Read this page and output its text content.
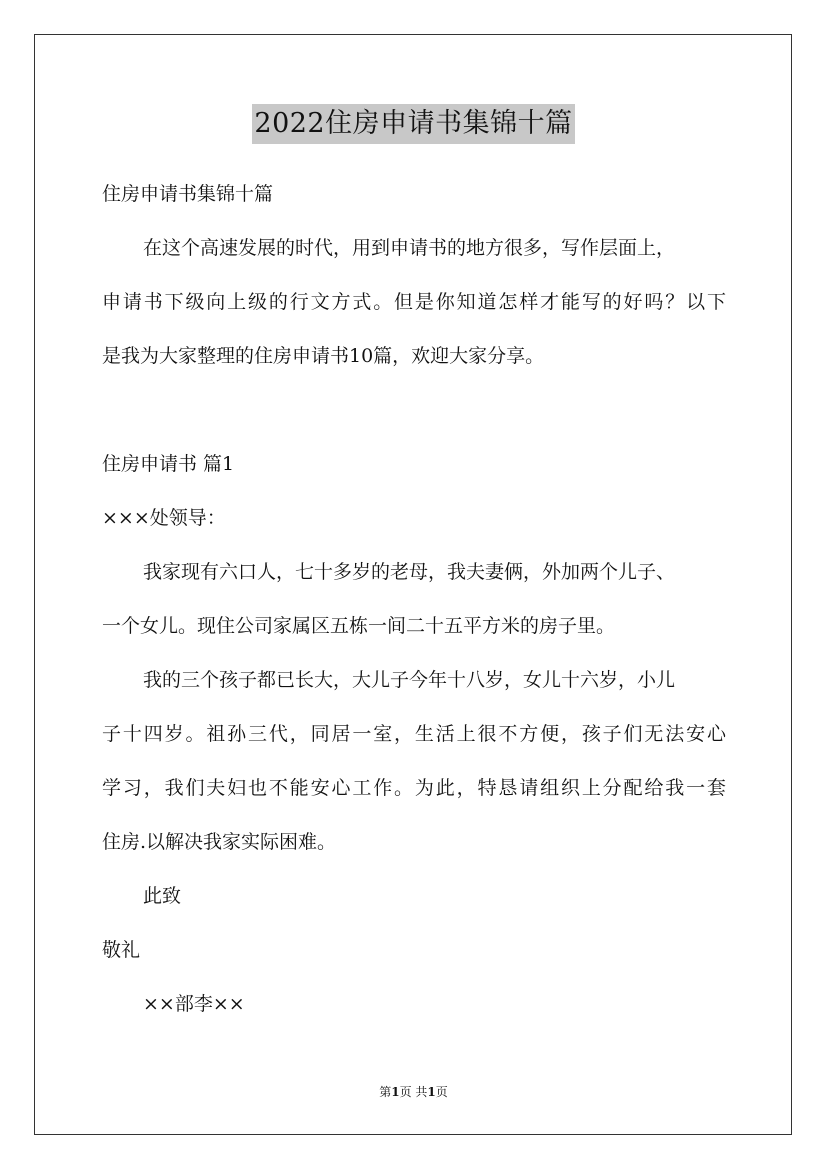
2022住房申请书集锦十篇
住房申请书集锦十篇
在这个高速发展的时代，用到申请书的地方很多，写作层面上，
申请书下级向上级的行文方式。但是你知道怎样才能写的好吗？以下
是我为大家整理的住房申请书10篇，欢迎大家分享。
住房申请书 篇1
×××处领导：
我家现有六口人，七十多岁的老母，我夫妻俩，外加两个儿子、
一个女儿。现住公司家属区五栋一间二十五平方米的房子里。
我的三个孩子都已长大，大儿子今年十八岁，女儿十六岁，小儿
子十四岁。祖孙三代，同居一室，生活上很不方便，孩子们无法安心
学习，我们夫妇也不能安心工作。为此，特恳请组织上分配给我一套
住房.以解决我家实际困难。
此致
敬礼
××部李××
第1页 共1页
